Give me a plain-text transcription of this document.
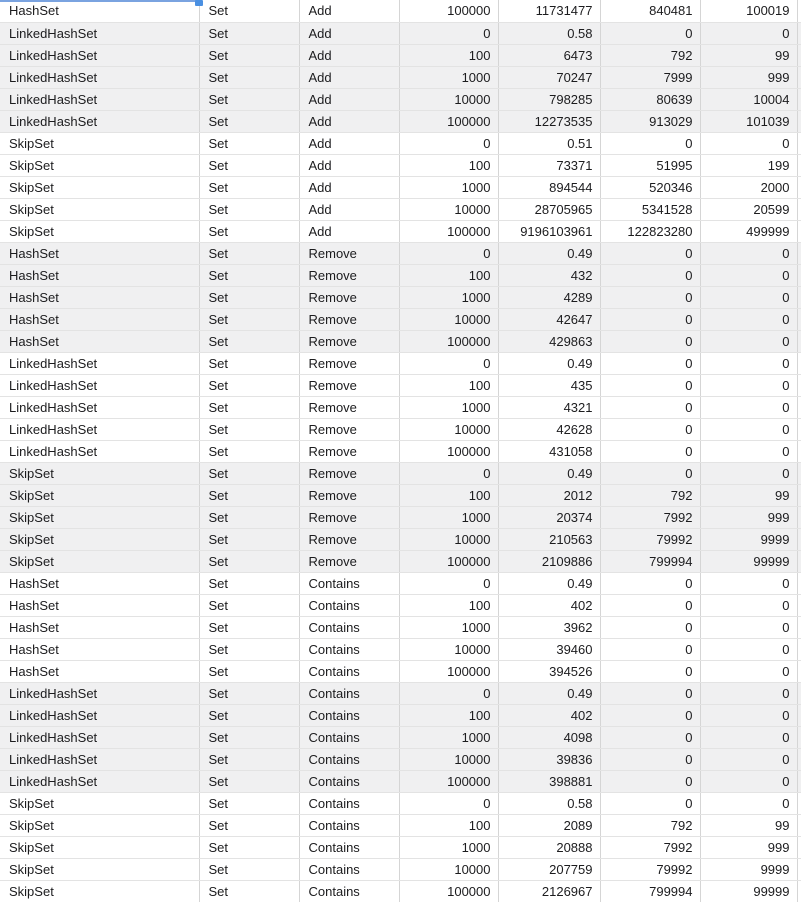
HashSet	Set	Add	100000	11731477	840481	100019	
LinkedHashSet	Set	Add	0	0.58	0	0	
LinkedHashSet	Set	Add	100	6473	792	99	
LinkedHashSet	Set	Add	1000	70247	7999	999	
LinkedHashSet	Set	Add	10000	798285	80639	10004	
LinkedHashSet	Set	Add	100000	12273535	913029	101039	
SkipSet	Set	Add	0	0.51	0	0	
SkipSet	Set	Add	100	73371	51995	199	
SkipSet	Set	Add	1000	894544	520346	2000	
SkipSet	Set	Add	10000	28705965	5341528	20599	
SkipSet	Set	Add	100000	9196103961	122823280	499999	
HashSet	Set	Remove	0	0.49	0	0	
HashSet	Set	Remove	100	432	0	0	
HashSet	Set	Remove	1000	4289	0	0	
HashSet	Set	Remove	10000	42647	0	0	
HashSet	Set	Remove	100000	429863	0	0	
LinkedHashSet	Set	Remove	0	0.49	0	0	
LinkedHashSet	Set	Remove	100	435	0	0	
LinkedHashSet	Set	Remove	1000	4321	0	0	
LinkedHashSet	Set	Remove	10000	42628	0	0	
LinkedHashSet	Set	Remove	100000	431058	0	0	
SkipSet	Set	Remove	0	0.49	0	0	
SkipSet	Set	Remove	100	2012	792	99	
SkipSet	Set	Remove	1000	20374	7992	999	
SkipSet	Set	Remove	10000	210563	79992	9999	
SkipSet	Set	Remove	100000	2109886	799994	99999	
HashSet	Set	Contains	0	0.49	0	0	
HashSet	Set	Contains	100	402	0	0	
HashSet	Set	Contains	1000	3962	0	0	
HashSet	Set	Contains	10000	39460	0	0	
HashSet	Set	Contains	100000	394526	0	0	
LinkedHashSet	Set	Contains	0	0.49	0	0	
LinkedHashSet	Set	Contains	100	402	0	0	
LinkedHashSet	Set	Contains	1000	4098	0	0	
LinkedHashSet	Set	Contains	10000	39836	0	0	
LinkedHashSet	Set	Contains	100000	398881	0	0	
SkipSet	Set	Contains	0	0.58	0	0	
SkipSet	Set	Contains	100	2089	792	99	
SkipSet	Set	Contains	1000	20888	7992	999	
SkipSet	Set	Contains	10000	207759	79992	9999	
SkipSet	Set	Contains	100000	2126967	799994	99999	
